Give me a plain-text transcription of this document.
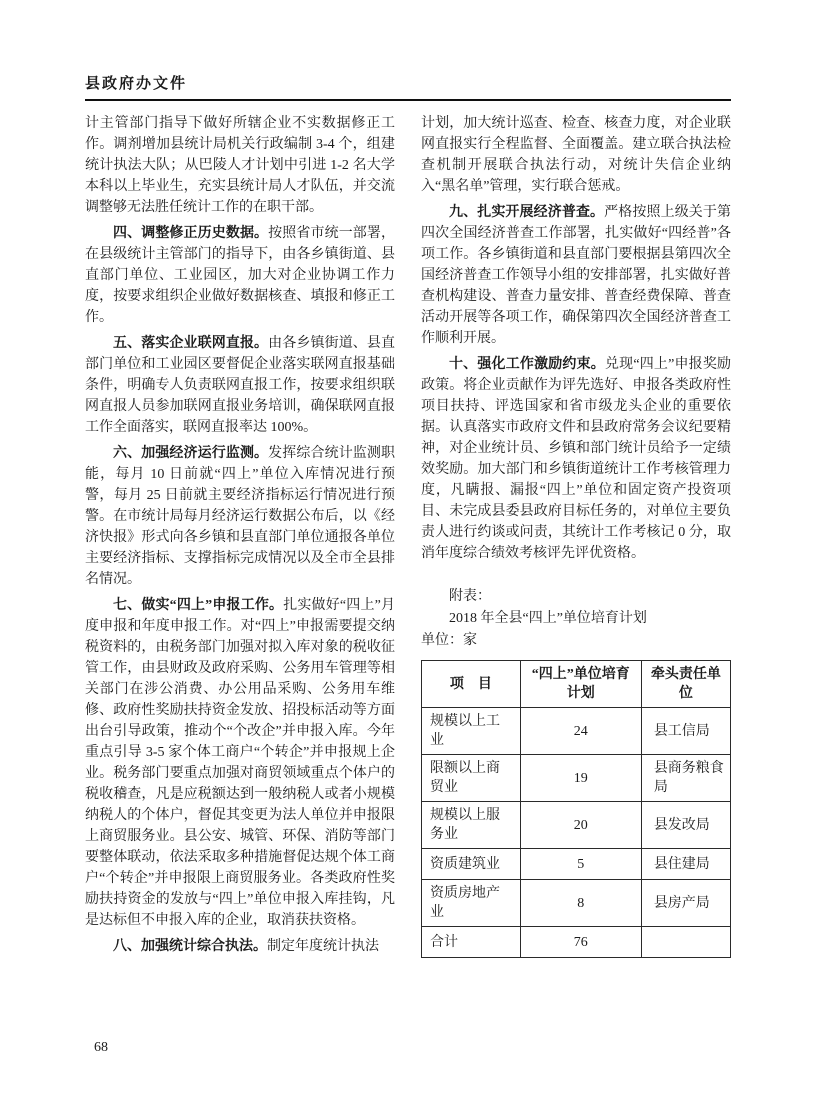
县政府办文件

计主管部门指导下做好所辖企业不实数据修正工作。调剂增加县统计局机关行政编制 3-4 个，组建统计执法大队；从巴陵人才计划中引进 1-2 名大学本科以上毕业生，充实县统计局人才队伍，并交流调整够无法胜任统计工作的在职干部。

四、调整修正历史数据。按照省市统一部署，在县级统计主管部门的指导下，由各乡镇街道、县直部门单位、工业园区，加大对企业协调工作力度，按要求组织企业做好数据核查、填报和修正工作。

五、落实企业联网直报。由各乡镇街道、县直部门单位和工业园区要督促企业落实联网直报基础条件，明确专人负责联网直报工作，按要求组织联网直报人员参加联网直报业务培训，确保联网直报工作全面落实，联网直报率达 100%。

六、加强经济运行监测。发挥综合统计监测职能，每月 10 日前就“四上”单位入库情况进行预警，每月 25 日前就主要经济指标运行情况进行预警。在市统计局每月经济运行数据公布后，以《经济快报》形式向各乡镇和县直部门单位通报各单位主要经济指标、支撑指标完成情况以及全市全县排名情况。

七、做实“四上”申报工作。扎实做好“四上”月度申报和年度申报工作。对“四上”申报需要提交纳税资料的，由税务部门加强对拟入库对象的税收征管工作，由县财政及政府采购、公务用车管理等相关部门在涉公消费、办公用品采购、公务用车维修、政府性奖励扶持资金发放、招投标活动等方面出台引导政策，推动个“个改企”并申报入库。今年重点引导 3-5 家个体工商户“个转企”并申报规上企业。税务部门要重点加强对商贸领域重点个体户的税收稽查，凡是应税额达到一般纳税人或者小规模纳税人的个体户，督促其变更为法人单位并申报限上商贸服务业。县公安、城管、环保、消防等部门要整体联动，依法采取多种措施督促达规个体工商户“个转企”并申报限上商贸服务业。各类政府性奖励扶持资金的发放与“四上”单位申报入库挂钩，凡是达标但不申报入库的企业，取消获扶资格。

八、加强统计综合执法。制定年度统计执法

计划，加大统计巡查、检查、核查力度，对企业联网直报实行全程监督、全面覆盖。建立联合执法检查机制开展联合执法行动，对统计失信企业纳入“黑名单”管理，实行联合惩戒。

九、扎实开展经济普查。严格按照上级关于第四次全国经济普查工作部署，扎实做好“四经普”各项工作。各乡镇街道和县直部门要根据县第四次全国经济普查工作领导小组的安排部署，扎实做好普查机构建设、普查力量安排、普查经费保障、普查活动开展等各项工作，确保第四次全国经济普查工作顺利开展。

十、强化工作激励约束。兑现“四上”申报奖励政策。将企业贡献作为评先选好、申报各类政府性项目扶持、评选国家和省市级龙头企业的重要依据。认真落实市政府文件和县政府常务会议纪要精神，对企业统计员、乡镇和部门统计员给予一定绩效奖励。加大部门和乡镇街道统计工作考核管理力度，凡瞒报、漏报“四上”单位和固定资产投资项目、未完成县委县政府目标任务的，对单位主要负责人进行约谈或问责，其统计工作考核记 0 分，取消年度综合绩效考核评先评优资格。

附表：

2018 年全县“四上”单位培育计划

单位：家

项　目	“四上”单位培育计划	牵头责任单位
规模以上工业	24	县工信局
限额以上商贸业	19	县商务粮食局
规模以上服务业	20	县发改局
资质建筑业	5	县住建局
资质房地产业	8	县房产局
合计	76	
68
